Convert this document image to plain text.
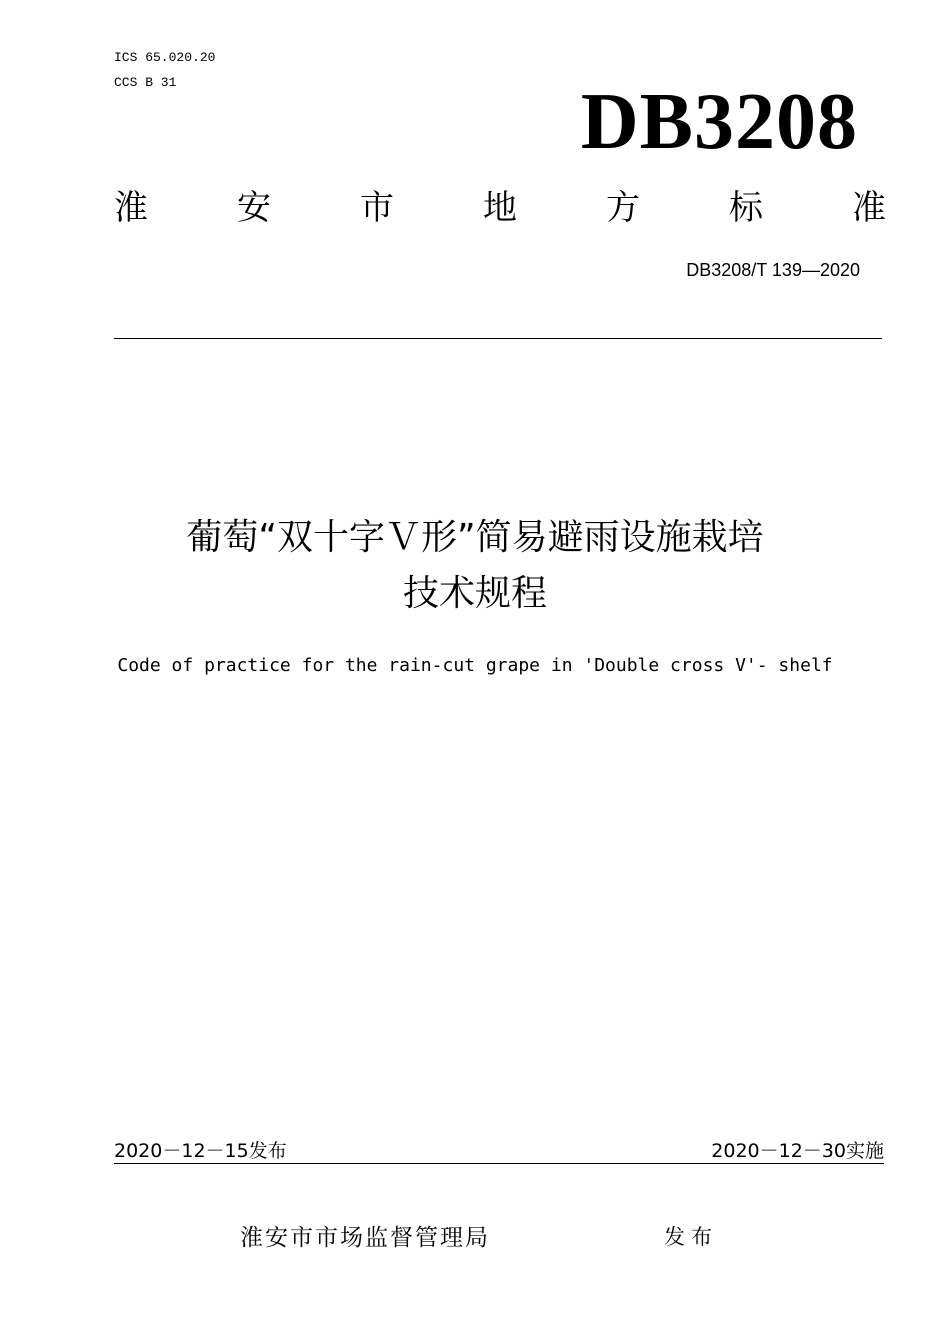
ICS 65.020.20
CCS B 31	DB3208
淮	安	市	地	方	标	准
DB3208/T 139—2020
葡萄“双十字Ｖ形”简易避雨设施栽培
技术规程
Code of practice for the rain-cut grape in 'Double cross V'- shelf
2020－12－15发布	2020－12－30实施
淮安市市场监督管理局	发布
